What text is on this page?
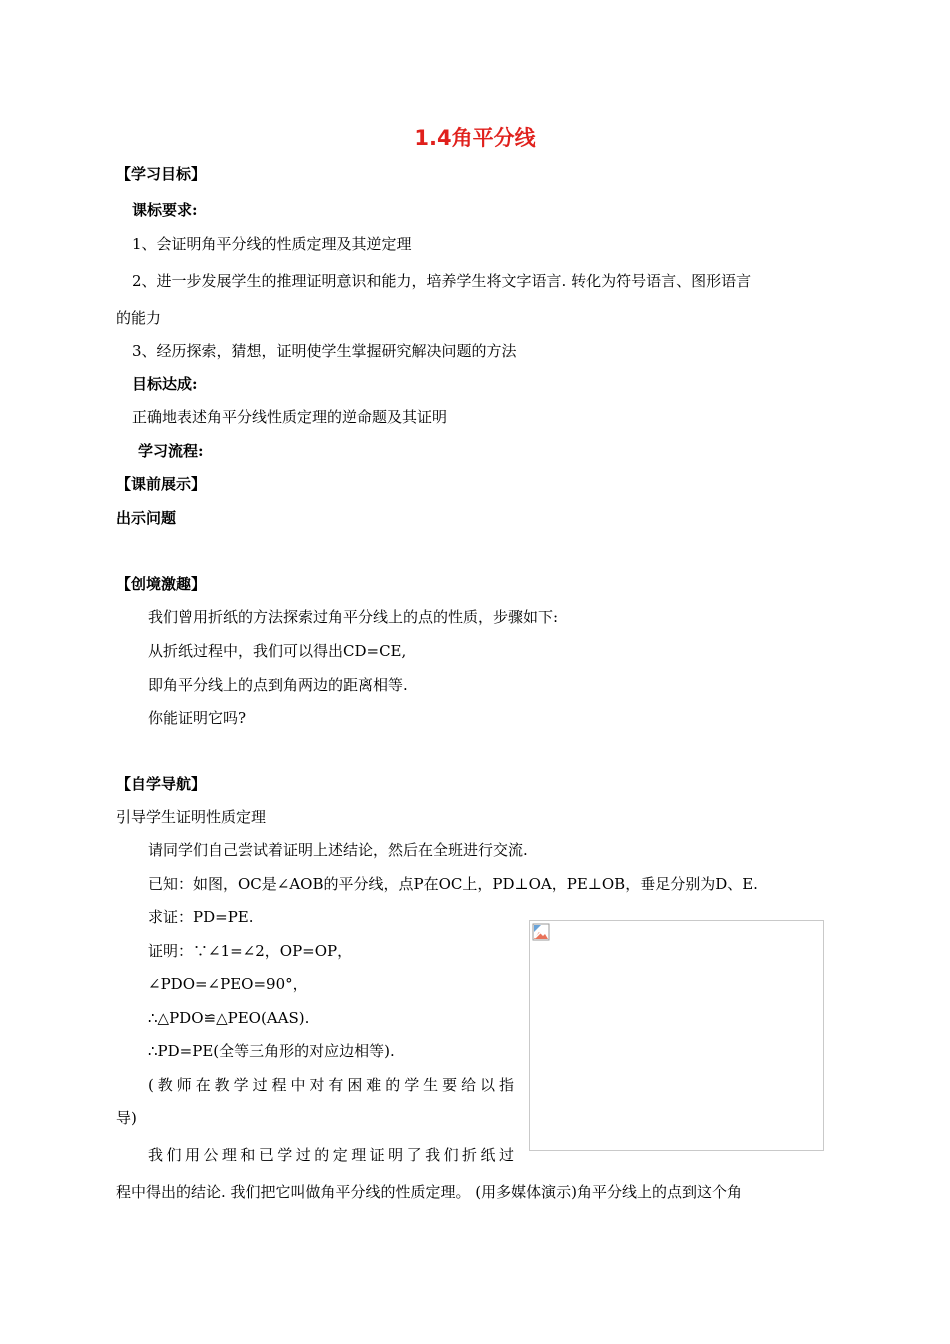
1.4角平分线
【学习目标】
课标要求:
1、会证明角平分线的性质定理及其逆定理
2、进一步发展学生的推理证明意识和能力，培养学生将文字语言. 转化为符号语言、图形语言
的能力
3、经历探索，猜想，证明使学生掌握研究解决问题的方法
目标达成:
正确地表述角平分线性质定理的逆命题及其证明
学习流程:
【课前展示】
出示问题
【创境激趣】
我们曾用折纸的方法探索过角平分线上的点的性质，步骤如下:
从折纸过程中，我们可以得出CD=CE,
即角平分线上的点到角两边的距离相等.
你能证明它吗?
【自学导航】
引导学生证明性质定理
请同学们自己尝试着证明上述结论，然后在全班进行交流.
已知：如图，OC是∠AOB的平分线，点P在OC上，PD⊥OA，PE⊥OB，垂足分别为D、E.
求证：PD=PE.
证明：∵∠1=∠2，OP=OP，
∠PDO=∠PEO=90°，
∴△PDO≌△PEO(AAS).
∴PD=PE(全等三角形的对应边相等).
(教师在教学过程中对有困难的学生要给以指
导)
我们用公理和已学过的定理证明了我们折纸过
程中得出的结论. 我们把它叫做角平分线的性质定理。 (用多媒体演示)角平分线上的点到这个角
